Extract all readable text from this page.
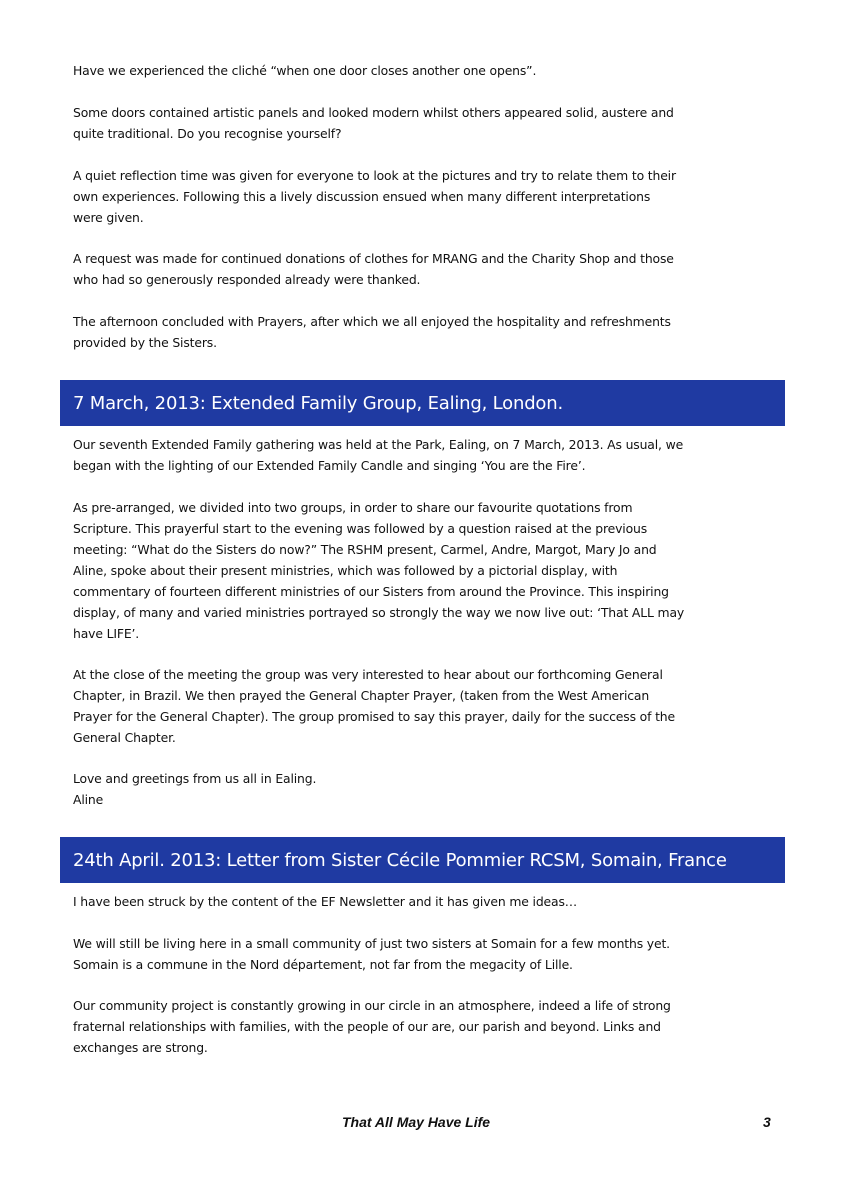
Have we experienced the cliché “when one door closes another one opens”.

Some doors contained artistic panels and looked modern whilst others appeared solid, austere and
quite traditional. Do you recognise yourself?

A quiet reflection time was given for everyone to look at the pictures and try to relate them to their
own experiences. Following this a lively discussion ensued when many different interpretations
were given.

A request was made for continued donations of clothes for MRANG and the Charity Shop and those
who had so generously responded already were thanked.

The afternoon concluded with Prayers, after which we all enjoyed the hospitality and refreshments
provided by the Sisters.

7 March, 2013: Extended Family Group, Ealing, London.

Our seventh Extended Family gathering was held at the Park, Ealing, on 7 March, 2013. As usual, we
began with the lighting of our Extended Family Candle and singing ‘You are the Fire’.

As pre-arranged, we divided into two groups, in order to share our favourite quotations from
Scripture. This prayerful start to the evening was followed by a question raised at the previous
meeting: “What do the Sisters do now?” The RSHM present, Carmel, Andre, Margot, Mary Jo and
Aline, spoke about their present ministries, which was followed by a pictorial display, with
commentary of fourteen different ministries of our Sisters from around the Province. This inspiring
display, of many and varied ministries portrayed so strongly the way we now live out: ‘That ALL may
have LIFE’.

At the close of the meeting the group was very interested to hear about our forthcoming General
Chapter, in Brazil. We then prayed the General Chapter Prayer, (taken from the West American
Prayer for the General Chapter). The group promised to say this prayer, daily for the success of the
General Chapter.

Love and greetings from us all in Ealing.
Aline

24th April. 2013: Letter from Sister Cécile Pommier RCSM, Somain, France

I have been struck by the content of the EF Newsletter and it has given me ideas…

We will still be living here in a small community of just two sisters at Somain for a few months yet.
Somain is a commune in the Nord département, not far from the megacity of Lille.

Our community project is constantly growing in our circle in an atmosphere, indeed a life of strong
fraternal relationships with families, with the people of our are, our parish and beyond. Links and
exchanges are strong.

That All May Have Life	3
